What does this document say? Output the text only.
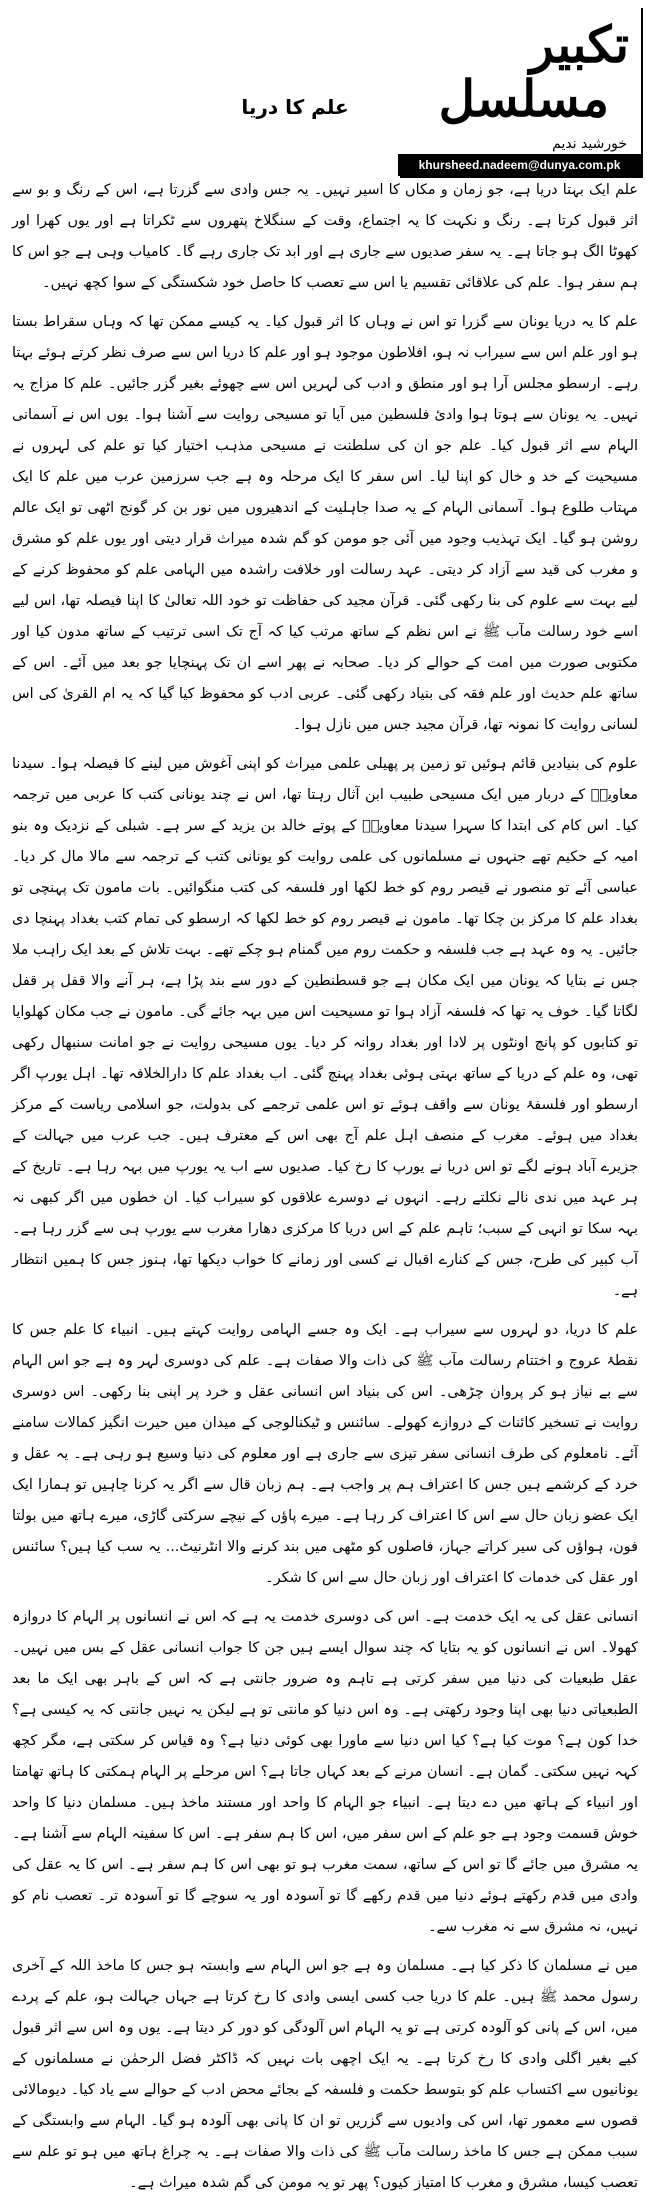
تکبیر
مسلسل
خورشید ندیم
khursheed.nadeem@dunya.com.pk
علم کا دریا

علم ایک بہتا دریا ہے، جو زمان و مکاں کا اسیر نہیں۔ یہ جس وادی سے گزرتا ہے، اس کے رنگ و بو سے اثر قبول کرتا ہے۔ رنگ و نکہت کا یہ اجتماع، وقت کے سنگلاخ پتھروں سے ٹکراتا ہے اور یوں کھرا اور کھوٹا الگ ہو جاتا ہے۔ یہ سفر صدیوں سے جاری ہے اور ابد تک جاری رہے گا۔ کامیاب وہی ہے جو اس کا ہم سفر ہوا۔ علم کی علاقائی تقسیم یا اس سے تعصب کا حاصل خود شکستگی کے سوا کچھ نہیں۔

علم کا یہ دریا یونان سے گزرا تو اس نے وہاں کا اثر قبول کیا۔ یہ کیسے ممکن تھا کہ وہاں سقراط بستا ہو اور علم اس سے سیراب نہ ہو، افلاطون موجود ہو اور علم کا دریا اس سے صرف نظر کرتے ہوئے بہتا رہے۔ ارسطو مجلس آرا ہو اور منطق و ادب کی لہریں اس سے چھوئے بغیر گزر جائیں۔ علم کا مزاج یہ نہیں۔ یہ یونان سے ہوتا ہوا وادیٔ فلسطین میں آیا تو مسیحی روایت سے آشنا ہوا۔ یوں اس نے آسمانی الہام سے اثر قبول کیا۔ علم جو ان کی سلطنت نے مسیحی مذہب اختیار کیا تو علم کی لہروں نے مسیحیت کے خد و خال کو اپنا لیا۔ اس سفر کا ایک مرحلہ وہ ہے جب سرزمین عرب میں علم کا ایک مہتاب طلوع ہوا۔ آسمانی الہام کے یہ صدا جاہلیت کے اندھیروں میں نور بن کر گونج اٹھی تو ایک عالم روشن ہو گیا۔ ایک تہذیب وجود میں آئی جو مومن کو گم شدہ میراث قرار دیتی اور یوں علم کو مشرق و مغرب کی قید سے آزاد کر دیتی۔ عہد رسالت اور خلافت راشدہ میں الہامی علم کو محفوظ کرنے کے لیے بہت سے علوم کی بنا رکھی گئی۔ قرآن مجید کی حفاظت تو خود اللہ تعالیٰ کا اپنا فیصلہ تھا، اس لیے اسے خود رسالت مآب ﷺ نے اس نظم کے ساتھ مرتب کیا کہ آج تک اسی ترتیب کے ساتھ مدون کیا اور مکتوبی صورت میں امت کے حوالے کر دیا۔ صحابہ نے پھر اسے ان تک پہنچایا جو بعد میں آئے۔ اس کے ساتھ علم حدیث اور علم فقہ کی بنیاد رکھی گئی۔ عربی ادب کو محفوظ کیا گیا کہ یہ ام القریٰ کی اس لسانی روایت کا نمونہ تھا، قرآن مجید جس میں نازل ہوا۔

علوم کی بنیادیں قائم ہوئیں تو زمین پر پھیلی علمی میراث کو اپنی آغوش میں لینے کا فیصلہ ہوا۔ سیدنا معاویہؓ کے دربار میں ایک مسیحی طبیب ابن آثال رہتا تھا، اس نے چند یونانی کتب کا عربی میں ترجمہ کیا۔ اس کام کی ابتدا کا سہرا سیدنا معاویہؓ کے پوتے خالد بن یزید کے سر ہے۔ شبلی کے نزدیک وہ بنو امیہ کے حکیم تھے جنہوں نے مسلمانوں کی علمی روایت کو یونانی کتب کے ترجمہ سے مالا مال کر دیا۔ عباسی آئے تو منصور نے قیصر روم کو خط لکھا اور فلسفہ کی کتب منگوائیں۔ بات مامون تک پہنچی تو بغداد علم کا مرکز بن چکا تھا۔ مامون نے قیصر روم کو خط لکھا کہ ارسطو کی تمام کتب بغداد پہنچا دی جائیں۔ یہ وہ عہد ہے جب فلسفہ و حکمت روم میں گمنام ہو چکے تھے۔ بہت تلاش کے بعد ایک راہب ملا جس نے بتایا کہ یونان میں ایک مکان ہے جو قسطنطین کے دور سے بند پڑا ہے، ہر آنے والا قفل پر قفل لگاتا گیا۔ خوف یہ تھا کہ فلسفہ آزاد ہوا تو مسیحیت اس میں بہہ جائے گی۔ مامون نے جب مکان کھلوایا تو کتابوں کو پانچ اونٹوں پر لادا اور بغداد روانہ کر دیا۔ یوں مسیحی روایت نے جو امانت سنبھال رکھی تھی، وہ علم کے دریا کے ساتھ بہتی ہوئی بغداد پہنچ گئی۔ اب بغداد علم کا دارالخلافہ تھا۔ اہل یورپ اگر ارسطو اور فلسفۂ یونان سے واقف ہوئے تو اس علمی ترجمے کی بدولت، جو اسلامی ریاست کے مرکز بغداد میں ہوئے۔ مغرب کے منصف اہل علم آج بھی اس کے معترف ہیں۔ جب عرب میں جہالت کے جزیرے آباد ہونے لگے تو اس دریا نے یورپ کا رخ کیا۔ صدیوں سے اب یہ یورپ میں بہہ رہا ہے۔ تاریخ کے ہر عہد میں ندی نالے نکلتے رہے۔ انہوں نے دوسرے علاقوں کو سیراب کیا۔ ان خطوں میں اگر کبھی نہ بہہ سکا تو انہی کے سبب؛ تاہم علم کے اس دریا کا مرکزی دھارا مغرب سے یورپ ہی سے گزر رہا ہے۔ آب کبیر کی طرح، جس کے کنارے اقبال نے کسی اور زمانے کا خواب دیکھا تھا، ہنوز جس کا ہمیں انتظار ہے۔

علم کا دریا، دو لہروں سے سیراب ہے۔ ایک وہ جسے الہامی روایت کہتے ہیں۔ انبیاء کا علم جس کا نقطۂ عروج و اختتام رسالت مآب ﷺ کی ذات والا صفات ہے۔ علم کی دوسری لہر وہ ہے جو اس الہام سے بے نیاز ہو کر پروان چڑھی۔ اس کی بنیاد اس انسانی عقل و خرد پر اپنی بنا رکھی۔ اس دوسری روایت نے تسخیر کائنات کے دروازے کھولے۔ سائنس و ٹیکنالوجی کے میدان میں حیرت انگیز کمالات سامنے آئے۔ نامعلوم کی طرف انسانی سفر تیزی سے جاری ہے اور معلوم کی دنیا وسیع ہو رہی ہے۔ یہ عقل و خرد کے کرشمے ہیں جس کا اعتراف ہم پر واجب ہے۔ ہم زبان قال سے اگر یہ کرنا چاہیں تو ہمارا ایک ایک عضو زبان حال سے اس کا اعتراف کر رہا ہے۔ میرے پاؤں کے نیچے سرکتی گاڑی، میرے ہاتھ میں بولتا فون، ہواؤں کی سیر کراتے جہاز، فاصلوں کو مٹھی میں بند کرنے والا انٹرنیٹ... یہ سب کیا ہیں؟ سائنس اور عقل کی خدمات کا اعتراف اور زبان حال سے اس کا شکر۔

انسانی عقل کی یہ ایک خدمت ہے۔ اس کی دوسری خدمت یہ ہے کہ اس نے انسانوں پر الہام کا دروازہ کھولا۔ اس نے انسانوں کو یہ بتایا کہ چند سوال ایسے ہیں جن کا جواب انسانی عقل کے بس میں نہیں۔ عقل طبعیات کی دنیا میں سفر کرتی ہے تاہم وہ ضرور جانتی ہے کہ اس کے باہر بھی ایک ما بعد الطبعیاتی دنیا بھی اپنا وجود رکھتی ہے۔ وہ اس دنیا کو مانتی تو ہے لیکن یہ نہیں جانتی کہ یہ کیسی ہے؟ خدا کون ہے؟ موت کیا ہے؟ کیا اس دنیا سے ماورا بھی کوئی دنیا ہے؟ وہ قیاس کر سکتی ہے، مگر کچھ کہہ نہیں سکتی۔ گمان ہے۔ انسان مرنے کے بعد کہاں جاتا ہے؟ اس مرحلے پر الہام ہمکتی کا ہاتھ تھامتا اور انبیاء کے ہاتھ میں دے دیتا ہے۔ انبیاء جو الہام کا واحد اور مستند ماخذ ہیں۔ مسلمان دنیا کا واحد خوش قسمت وجود ہے جو علم کے اس سفر میں، اس کا ہم سفر ہے۔ اس کا سفینہ الہام سے آشنا ہے۔ یہ مشرق میں جائے گا تو اس کے ساتھ، سمت مغرب ہو تو بھی اس کا ہم سفر ہے۔ اس کا یہ عقل کی وادی میں قدم رکھتے ہوئے دنیا میں قدم رکھے گا تو آسودہ اور یہ سوچے گا تو آسودہ تر۔ تعصب نام کو نہیں، نہ مشرق سے نہ مغرب سے۔

میں نے مسلمان کا ذکر کیا ہے۔ مسلمان وہ ہے جو اس الہام سے وابستہ ہو جس کا ماخذ اللہ کے آخری رسول محمد ﷺ ہیں۔ علم کا دریا جب کسی ایسی وادی کا رخ کرتا ہے جہاں جہالت ہو، علم کے پردے میں، اس کے پانی کو آلودہ کرتی ہے تو یہ الہام اس آلودگی کو دور کر دیتا ہے۔ یوں وہ اس سے اثر قبول کیے بغیر اگلی وادی کا رخ کرتا ہے۔ یہ ایک اچھی بات نہیں کہ ڈاکٹر فضل الرحمٰن نے مسلمانوں کے یونانیوں سے اکتساب علم کو بتوسط حکمت و فلسفہ کے بجائے محض ادب کے حوالے سے یاد کیا۔ دیومالائی قصوں سے معمور تھا، اس کی وادیوں سے گزریں تو ان کا پانی بھی آلودہ ہو گیا۔ الہام سے وابستگی کے سبب ممکن ہے جس کا ماخذ رسالت مآب ﷺ کی ذات والا صفات ہے۔ یہ چراغ ہاتھ میں ہو تو علم سے تعصب کیسا، مشرق و مغرب کا امتیاز کیوں؟ پھر تو یہ مومن کی گم شدہ میراث ہے۔
